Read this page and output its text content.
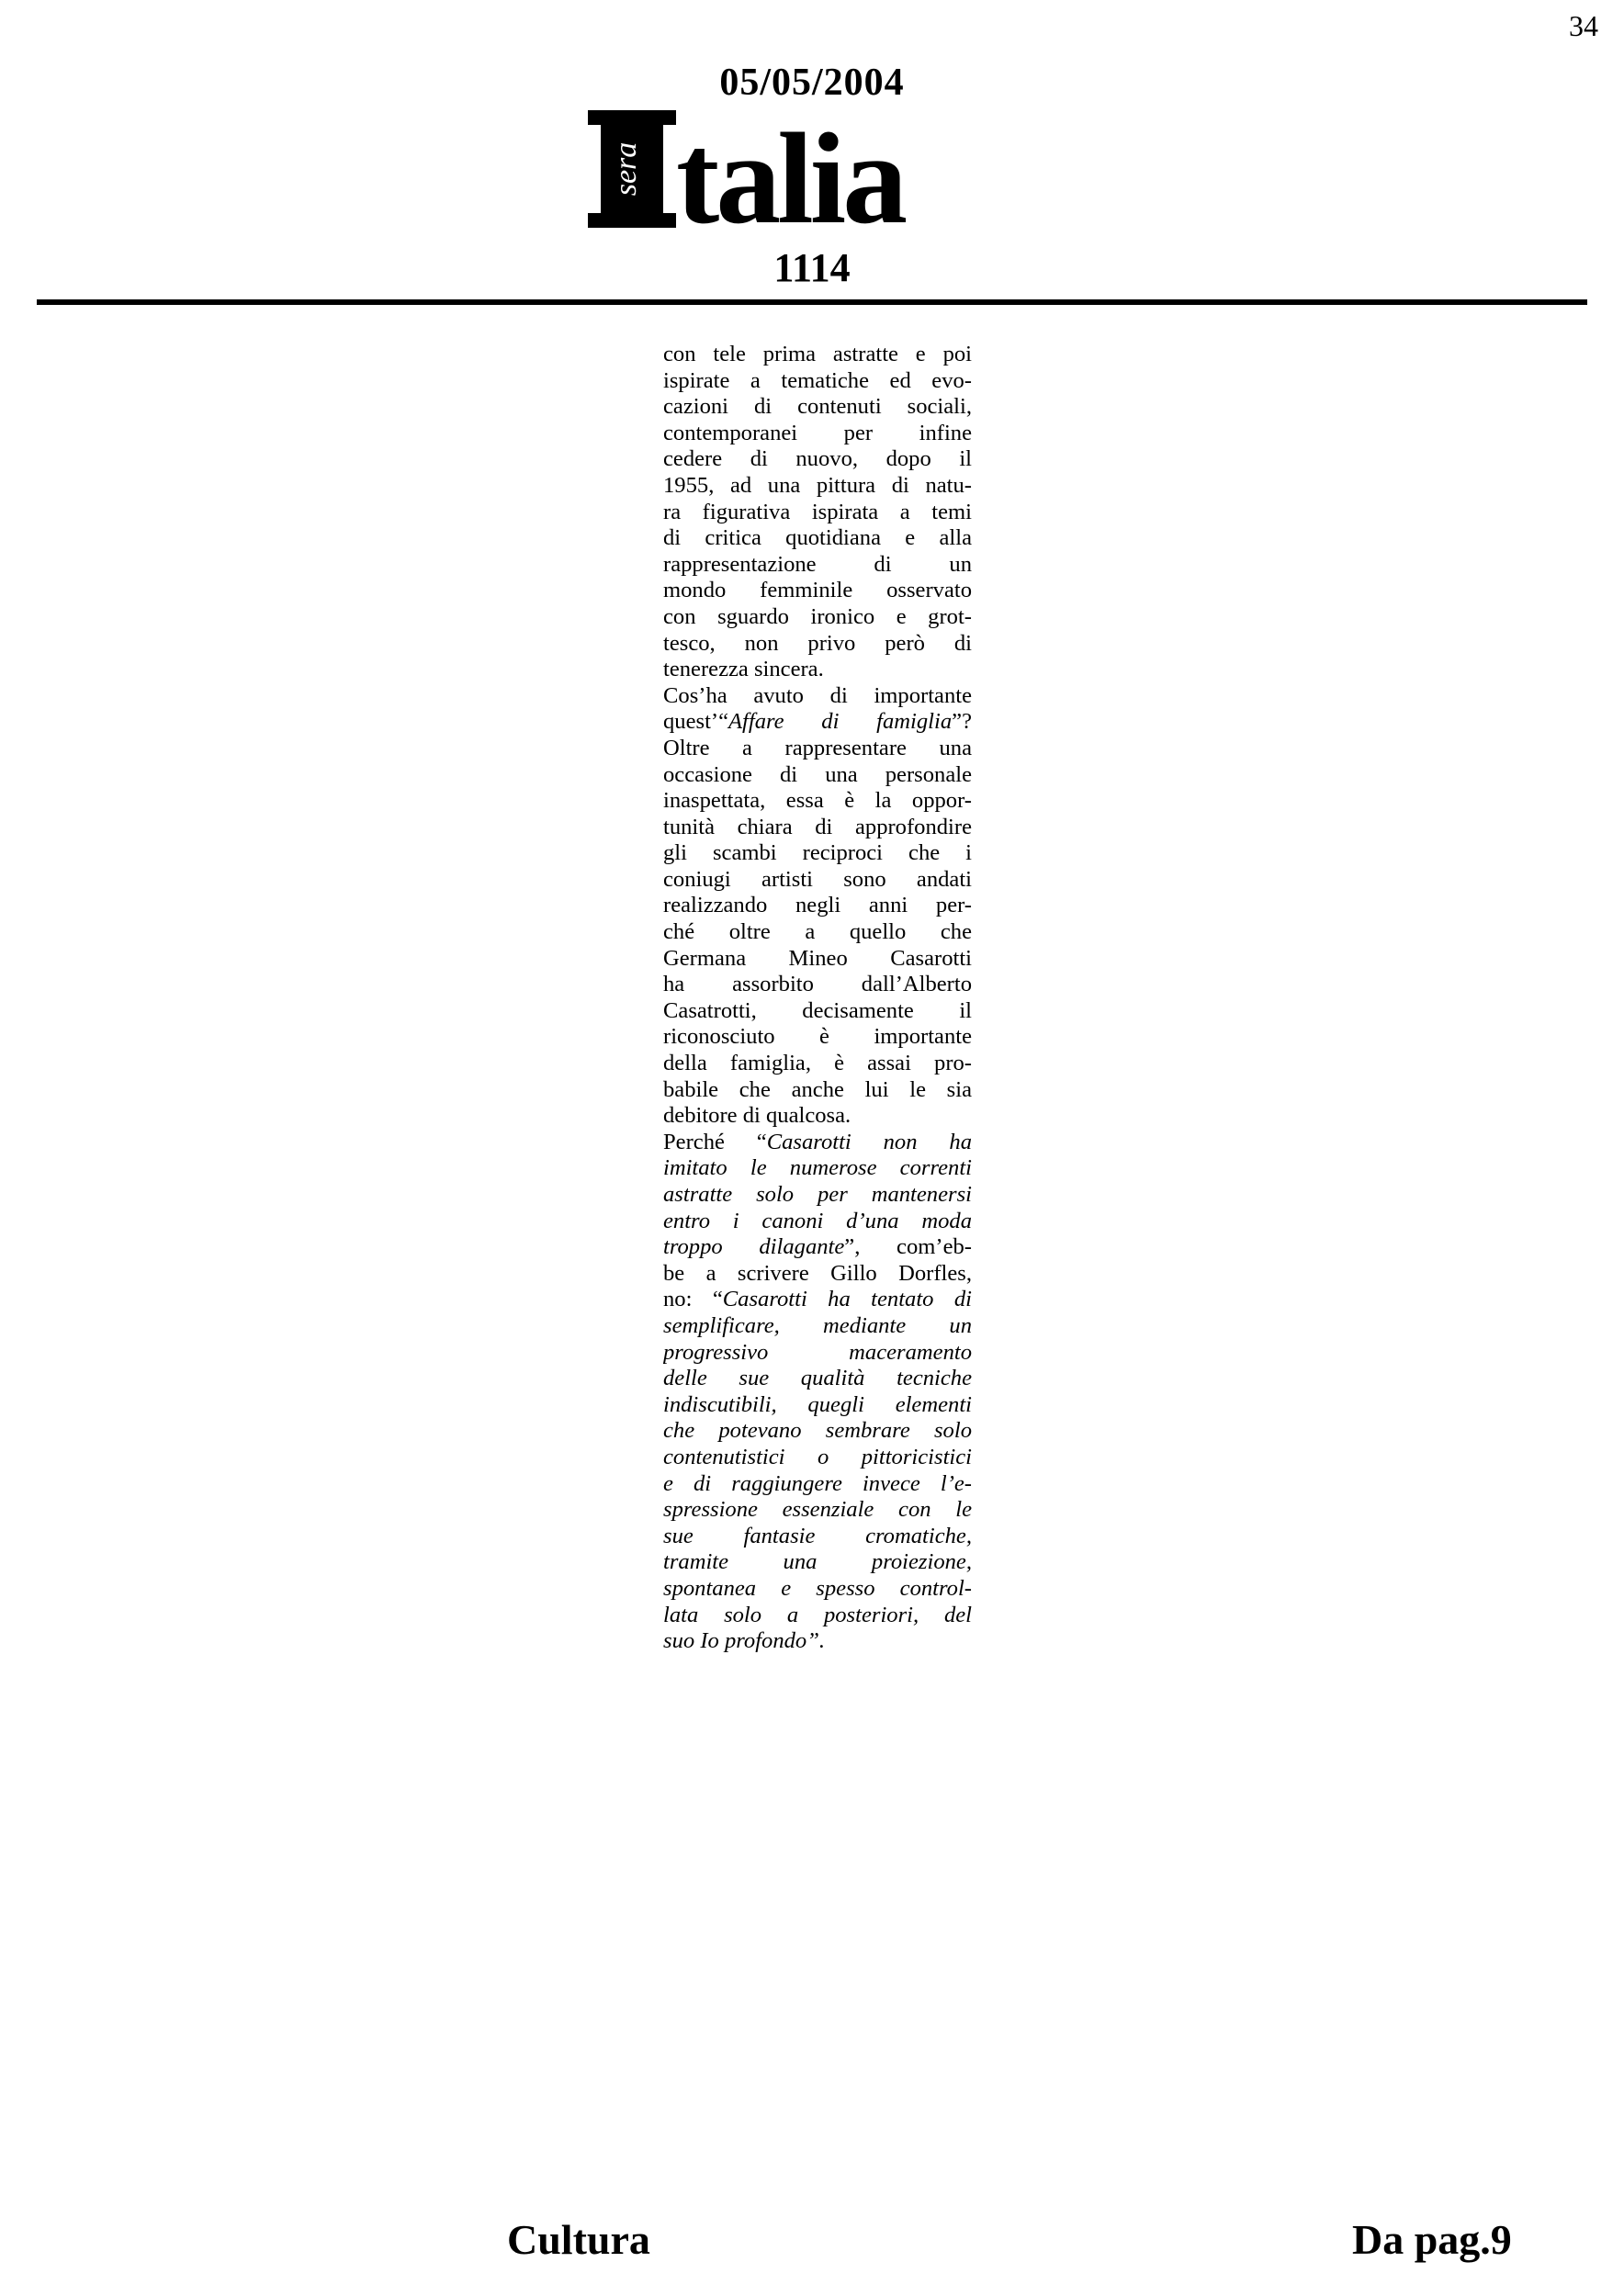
34
05/05/2004
sera talia
1114
con tele prima astratte e poi
ispirate a tematiche ed evo-
cazioni di contenuti sociali,
contemporanei per infine
cedere di nuovo, dopo il
1955, ad una pittura di natu-
ra figurativa ispirata a temi
di critica quotidiana e alla
rappresentazione di un
mondo femminile osservato
con sguardo ironico e grot-
tesco, non privo però di
tenerezza sincera.
Cos’ha avuto di importante
quest’“Affare di famiglia”?
Oltre a rappresentare una
occasione di una personale
inaspettata, essa è la oppor-
tunità chiara di approfondire
gli scambi reciproci che i
coniugi artisti sono andati
realizzando negli anni per-
ché oltre a quello che
Germana Mineo Casarotti
ha assorbito dall’Alberto
Casatrotti, decisamente il
riconosciuto è importante
della famiglia, è assai pro-
babile che anche lui le sia
debitore di qualcosa.
Perché “Casarotti non ha
imitato le numerose correnti
astratte solo per mantenersi
entro i canoni d’una moda
troppo dilagante”, com’eb-
be a scrivere Gillo Dorfles,
no: “Casarotti ha tentato di
semplificare, mediante un
progressivo maceramento
delle sue qualità tecniche
indiscutibili, quegli elementi
che potevano sembrare solo
contenutistici o pittoricistici
e di raggiungere invece l’e-
spressione essenziale con le
sue fantasie cromatiche,
tramite una proiezione,
spontanea e spesso control-
lata solo a posteriori, del
suo Io profondo”.
Cultura	Da pag.9
